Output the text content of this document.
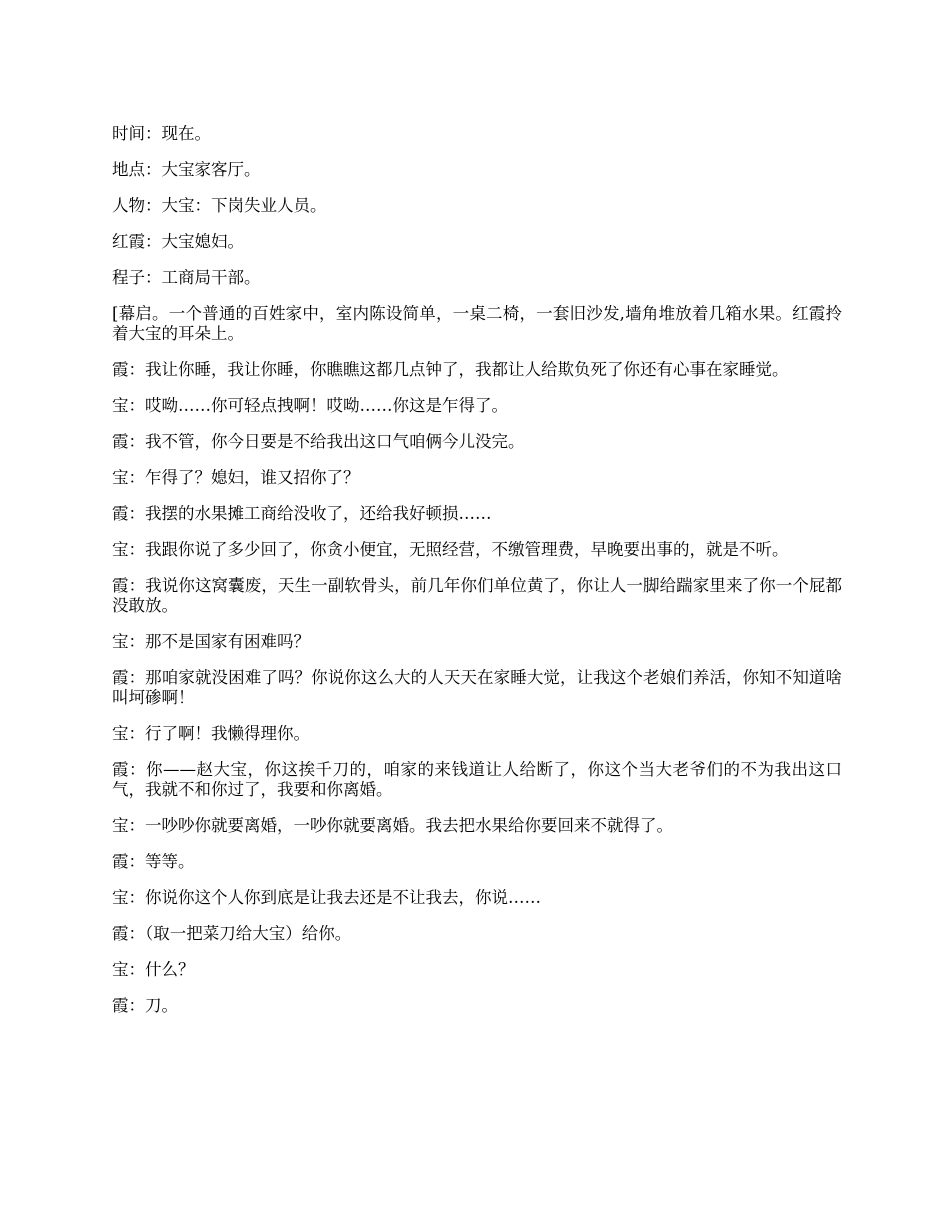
时间：现在。

地点：大宝家客厅。

人物：大宝：下岗失业人员。

红霞：大宝媳妇。

程子：工商局干部。

[幕启。一个普通的百姓家中，室内陈设简单，一桌二椅，一套旧沙发,墙角堆放着几箱水果。红霞拎着大宝的耳朵上。

霞：我让你睡，我让你睡，你瞧瞧这都几点钟了，我都让人给欺负死了你还有心事在家睡觉。

宝：哎呦……你可轻点拽啊！哎呦……你这是乍得了。

霞：我不管，你今日要是不给我出这口气咱俩今儿没完。

宝：乍得了？媳妇，谁又招你了？

霞：我摆的水果摊工商给没收了，还给我好顿损……

宝：我跟你说了多少回了，你贪小便宜，无照经营，不缴管理费，早晚要出事的，就是不听。

霞：我说你这窝囊废，天生一副软骨头，前几年你们单位黄了，你让人一脚给踹家里来了你一个屁都没敢放。

宝：那不是国家有困难吗？

霞：那咱家就没困难了吗？你说你这么大的人天天在家睡大觉，让我这个老娘们养活，你知不知道啥叫坷碜啊！

宝：行了啊！我懒得理你。

霞：你——赵大宝，你这挨千刀的，咱家的来钱道让人给断了，你这个当大老爷们的不为我出这口气，我就不和你过了，我要和你离婚。

宝：一吵吵你就要离婚，一吵你就要离婚。我去把水果给你要回来不就得了。

霞：等等。

宝：你说你这个人你到底是让我去还是不让我去，你说……

霞：（取一把菜刀给大宝）给你。

宝：什么？

霞：刀。
